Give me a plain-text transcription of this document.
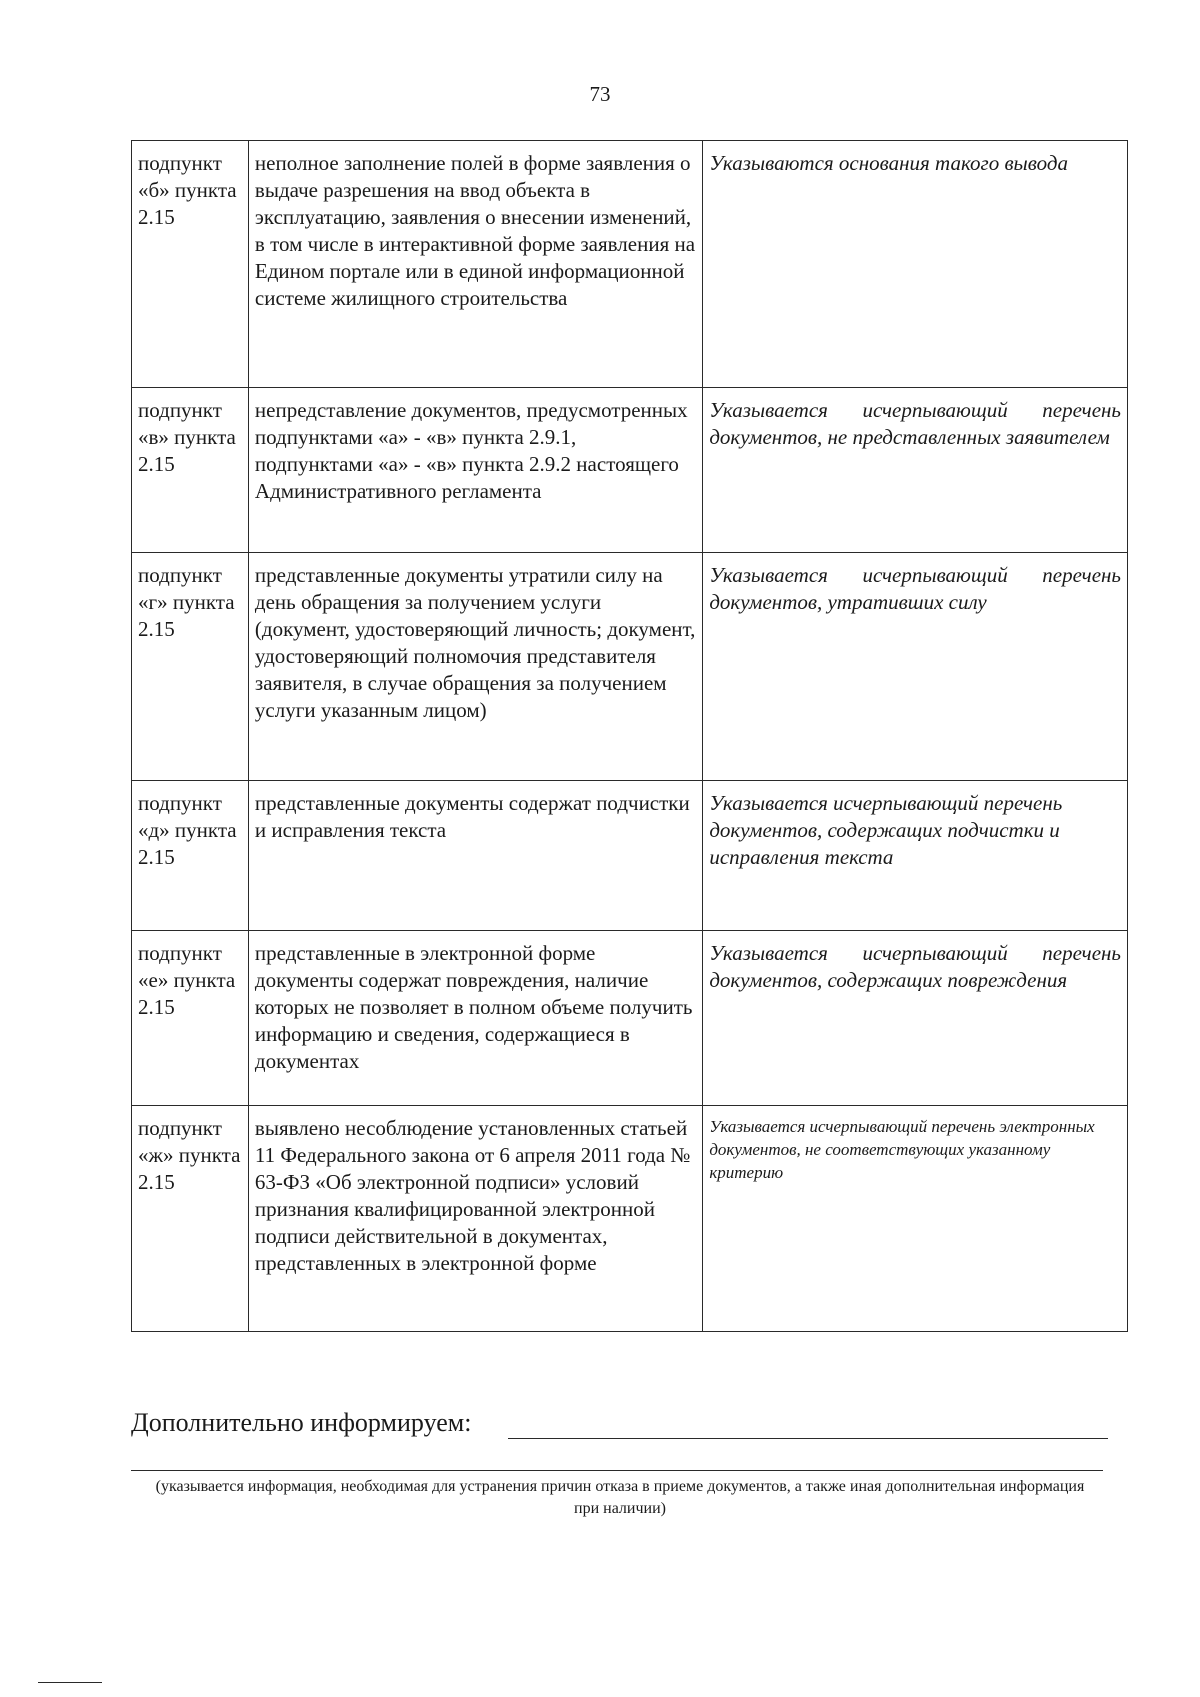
73
подпункт «б» пункта 2.15	неполное заполнение полей в форме заявления о выдаче разрешения на ввод объекта в эксплуатацию, заявления о внесении изменений, в том числе в интерактивной форме заявления на Едином портале или в единой информационной системе жилищного строительства	Указываются основания такого вывода
подпункт «в» пункта 2.15	непредставление документов, предусмотренных подпунктами «а» - «в» пункта 2.9.1, подпунктами «а» - «в» пункта 2.9.2 настоящего Административного регламента	Указывается исчерпывающий перечень документов, не представленных заявителем

подпункт «г» пункта 2.15	представленные документы утратили силу на день обращения за получением услуги (документ, удостоверяющий личность; документ, удостоверяющий полномочия представителя заявителя, в случае обращения за получением услуги указанным лицом)	Указывается исчерпывающий перечень документов, утративших силу

подпункт «д» пункта 2.15	представленные документы содержат подчистки и исправления текста	Указывается исчерпывающий перечень документов, содержащих подчистки и исправления текста
подпункт «е» пункта 2.15	представленные в электронной форме документы содержат повреждения, наличие которых не позволяет в полном объеме получить информацию и сведения, содержащиеся в документах	Указывается исчерпывающий перечень документов, содержащих повреждения

подпункт «ж» пункта 2.15	выявлено несоблюдение установленных статьей 11 Федерального закона от 6 апреля 2011 года № 63-ФЗ «Об электронной подписи» условий признания квалифицированной электронной подписи действительной в документах, представленных в электронной форме	Указывается исчерпывающий перечень электронных документов, не соответствующих указанному критерию
Дополнительно информируем:
(указывается информация, необходимая для устранения причин отказа в приеме документов, а также иная дополнительная информация при наличии)
